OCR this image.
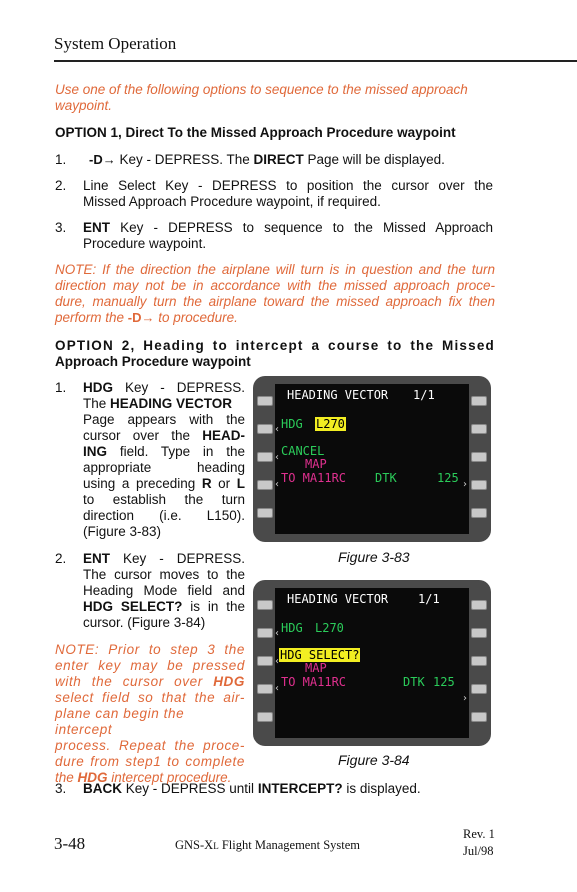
System Operation
Use one of the following options to sequence to the missed approach waypoint.
OPTION 1, Direct To the Missed Approach Procedure waypoint
1. -D→ Key - DEPRESS. The DIRECT Page will be displayed.
2. Line Select Key - DEPRESS to position the cursor over the
Missed Approach Procedure waypoint, if required.
3. ENT Key - DEPRESS to sequence to the Missed Approach
Procedure waypoint.
NOTE: If the direction the airplane will turn is in question and the turn
direction may not be in accordance with the missed approach proce-
dure, manually turn the airplane toward the missed approach fix then
perform the -D→ to procedure.
OPTION 2, Heading to intercept a course to the Missed
Approach Procedure waypoint
1. HDG Key - DEPRESS.
The HEADING VECTOR
Page appears with the
cursor over the HEAD-
ING field. Type in the
appropriate heading
using a preceding R or L
to establish the turn
direction (i.e. L150).
(Figure 3-83)
2. ENT Key - DEPRESS.
The cursor moves to the
Heading Mode field and
HDG SELECT? is in the
cursor. (Figure 3-84)
NOTE: Prior to step 3 the
enter key may be pressed
with the cursor over HDG
select field so that the air-
plane can begin the intercept
process. Repeat the proce-
dure from step1 to complete
the HDG intercept procedure.
3. BACK Key - DEPRESS until INTERCEPT? is displayed.
HEADING VECTOR 1/1
HDG L270
‹
CANCEL
‹ MAP
TO MA11RC
‹	DTK	125 ›
Figure 3-83
HEADING VECTOR 1/1
HDG L270
‹
HDG SELECT?
‹ MAP
TO MA11RC
‹	DTK 125
›
Figure 3-84
3-48	GNS-XL Flight Management System
Rev. 1
Jul/98
